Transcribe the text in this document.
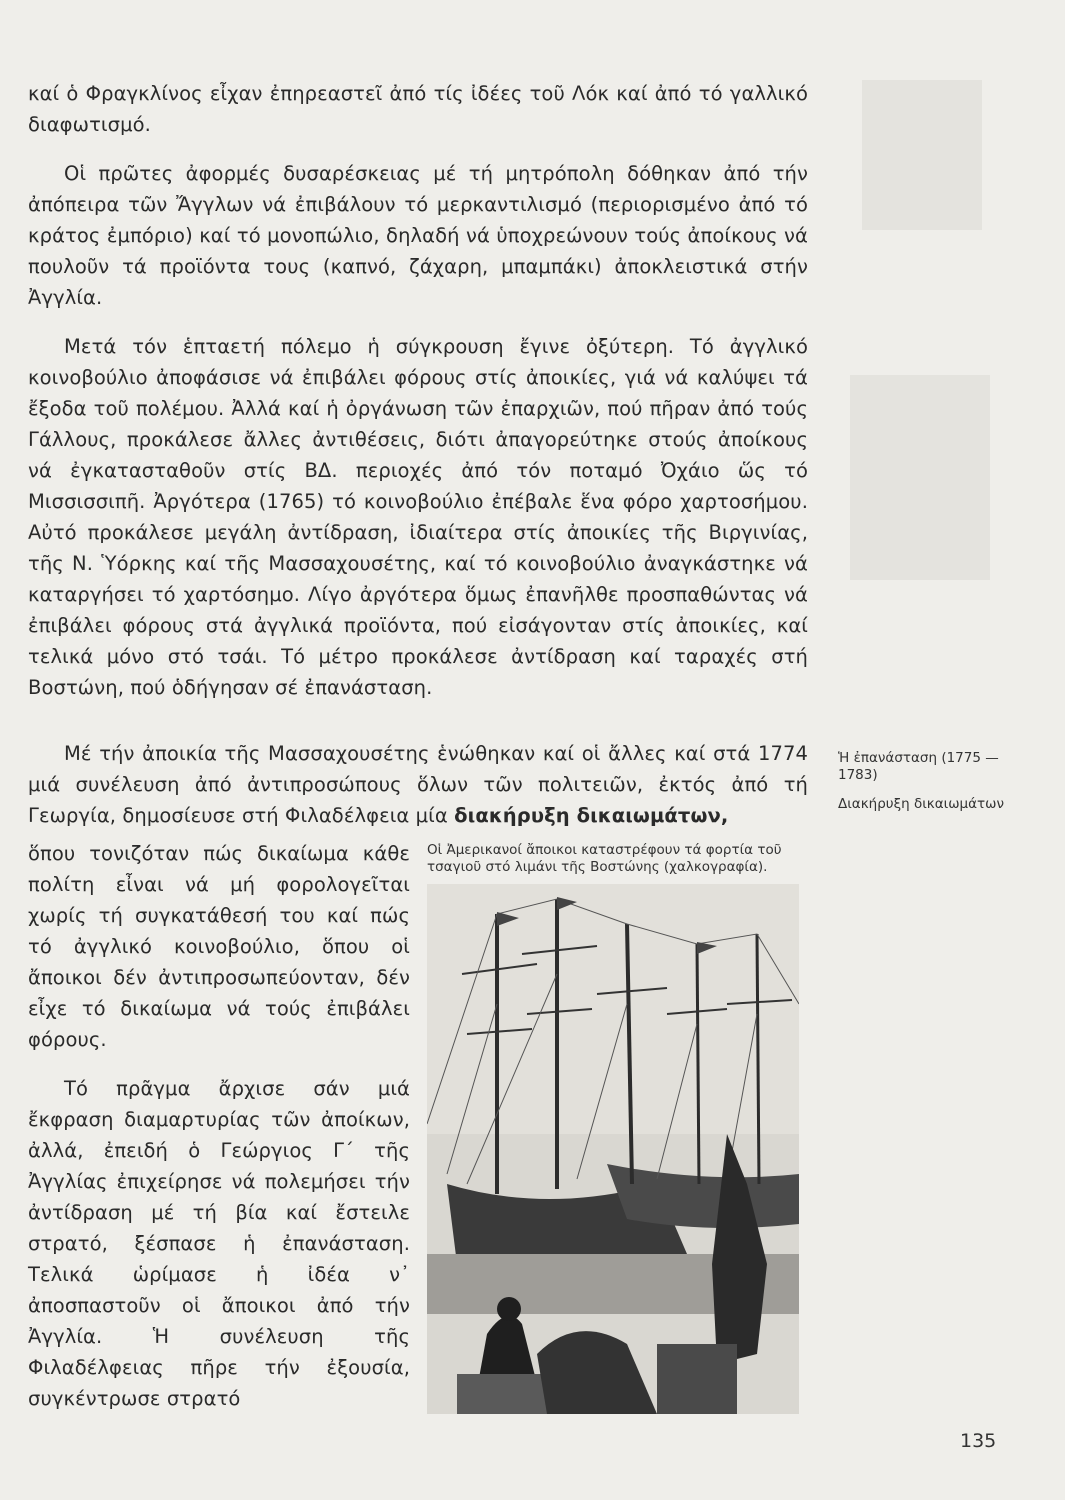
καί ὁ Φραγκλίνος εἶχαν ἐπηρεαστεῖ ἀπό τίς ἰδέες τοῦ Λόκ καί ἀπό τό γαλλικό διαφωτισμό.

Οἱ πρῶτες ἀφορμές δυσαρέσκειας μέ τή μητρόπολη δόθηκαν ἀπό τήν ἀπόπειρα τῶν Ἄγγλων νά ἐπιβάλουν τό μερκαντιλισμό (περιορισμένο ἀπό τό κράτος ἐμπόριο) καί τό μονοπώλιο, δηλαδή νά ὑποχρεώνουν τούς ἀποίκους νά πουλοῦν τά προϊόντα τους (καπνό, ζάχαρη, μπαμπάκι) ἀποκλειστικά στήν Ἀγγλία.

Μετά τόν ἑπταετή πόλεμο ἡ σύγκρουση ἔγινε ὀξύτερη. Τό ἀγγλικό κοινοβούλιο ἀποφάσισε νά ἐπιβάλει φόρους στίς ἀποικίες, γιά νά καλύψει τά ἔξοδα τοῦ πολέμου. Ἀλλά καί ἡ ὀργάνωση τῶν ἐπαρχιῶν, πού πῆραν ἀπό τούς Γάλλους, προκάλεσε ἄλλες ἀντιθέσεις, διότι ἀπαγορεύτηκε στούς ἀποίκους νά ἐγκατασταθοῦν στίς ΒΔ. περιοχές ἀπό τόν ποταμό Ὀχάιο ὥς τό Μισσισσιπῆ. Ἀργότερα (1765) τό κοινοβούλιο ἐπέβαλε ἕνα φόρο χαρτοσήμου. Αὐτό προκάλεσε μεγάλη ἀντίδραση, ἰδιαίτερα στίς ἀποικίες τῆς Βιργινίας, τῆς Ν. Ὑόρκης καί τῆς Μασσαχουσέτης, καί τό κοινοβούλιο ἀναγκάστηκε νά καταργήσει τό χαρτόσημο. Λίγο ἀργότερα ὅμως ἐπανῆλθε προσπαθώντας νά ἐπιβάλει φόρους στά ἀγγλικά προϊόντα, πού εἰσάγονταν στίς ἀποικίες, καί τελικά μόνο στό τσάι. Τό μέτρο προκάλεσε ἀντίδραση καί ταραχές στή Βοστώνη, πού ὁδήγησαν σέ ἐπανάσταση.

Μέ τήν ἀποικία τῆς Μασσαχουσέτης ἑνώθηκαν καί οἱ ἄλλες καί στά 1774 μιά συνέλευση ἀπό ἀντιπροσώπους ὅλων τῶν πολιτειῶν, ἐκτός ἀπό τή Γεωργία, δημοσίευσε στή Φιλαδέλφεια μία διακήρυξη δικαιωμάτων,

ὅπου τονιζόταν πώς δικαίωμα κάθε πολίτη εἶναι νά μή φορολογεῖται χωρίς τή συγκατάθεσή του καί πώς τό ἀγγλικό κοινοβούλιο, ὅπου οἱ ἄποικοι δέν ἀντιπροσωπεύονταν, δέν εἶχε τό δικαίωμα νά τούς ἐπιβάλει φόρους.

Τό πρᾶγμα ἄρχισε σάν μιά ἔκφραση διαμαρτυρίας τῶν ἀποίκων, ἀλλά, ἐπειδή ὁ Γεώργιος Γ΄ τῆς Ἀγγλίας ἐπιχείρησε νά πολεμήσει τήν ἀντίδραση μέ τή βία καί ἔστειλε στρατό, ξέσπασε ἡ ἐπανάσταση. Τελικά ὡρίμασε ἡ ἰδέα ν᾿ ἀποσπαστοῦν οἱ ἄποικοι ἀπό τήν Ἀγγλία. Ἡ συνέλευση τῆς Φιλαδέλφειας πῆρε τήν ἐξουσία, συγκέντρωσε στρατό

Οἱ Ἀμερικανοί ἄποικοι καταστρέφουν τά φορτία τοῦ τσαγιοῦ στό λιμάνι τῆς Βοστώνης (χαλκογραφία).

Ἡ ἐπανάσταση (1775 — 1783)

Διακήρυξη δικαιωμάτων

135
